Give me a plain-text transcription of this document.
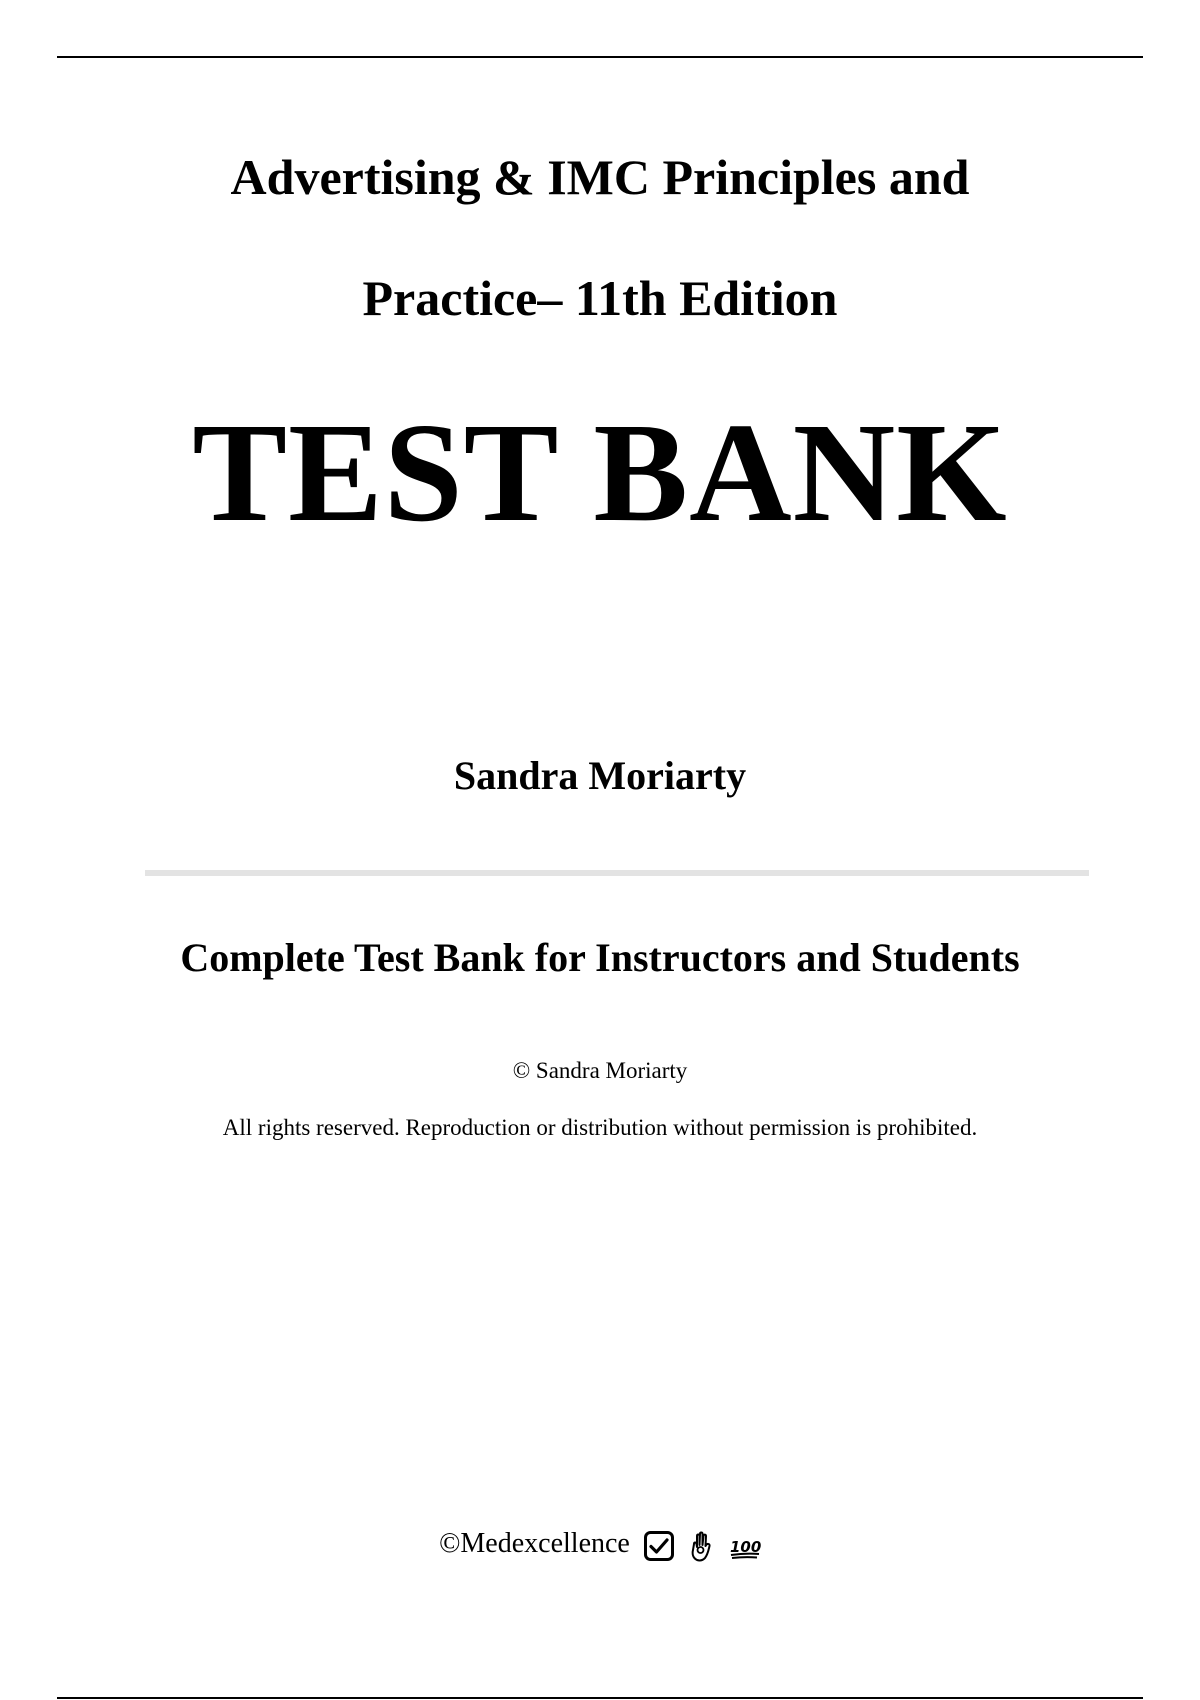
Advertising & IMC Principles and
Practice– 11th Edition
TEST BANK
Sandra Moriarty
Complete Test Bank for Instructors and Students
© Sandra Moriarty
All rights reserved. Reproduction or distribution without permission is prohibited.
©Medexcellence

	100
